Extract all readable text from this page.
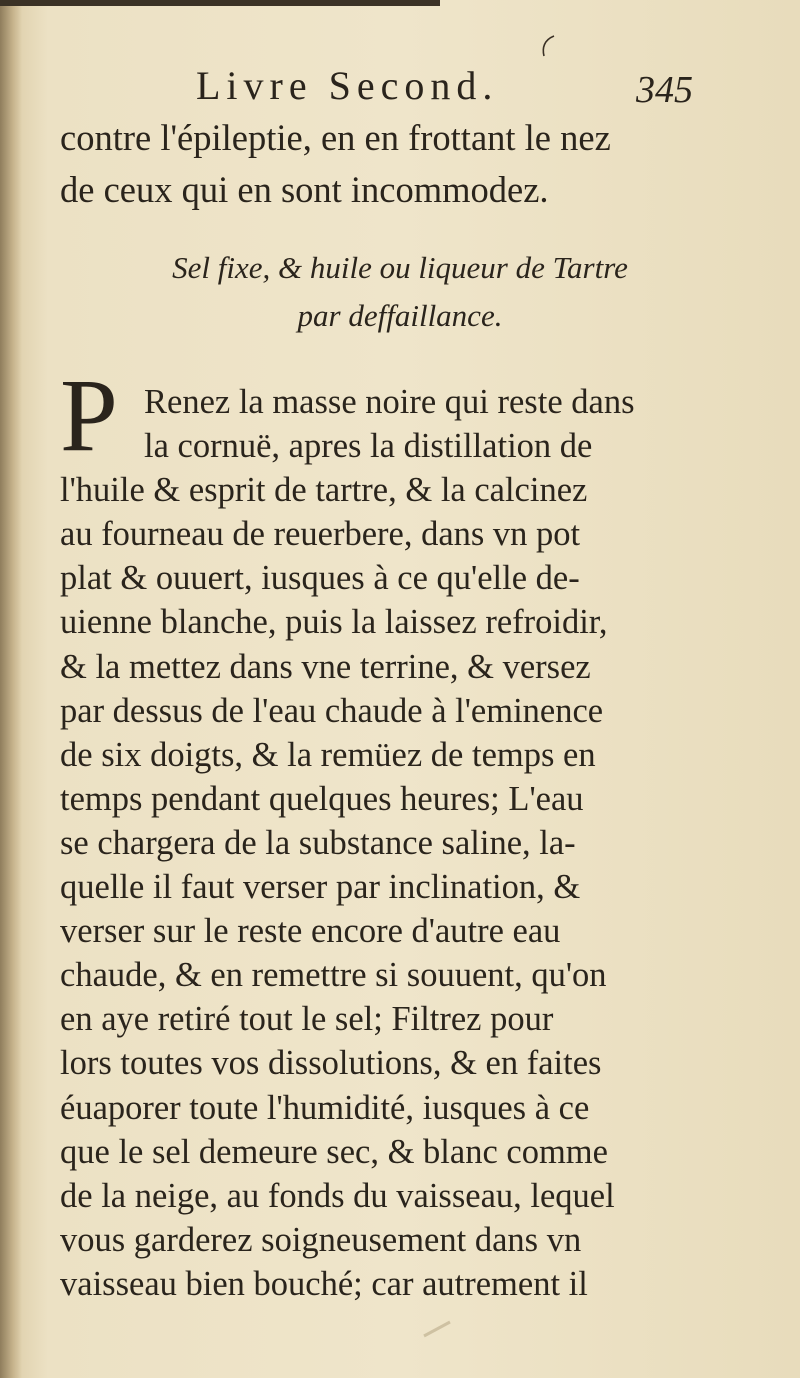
Livre Second.	345
contre l'épileptie, en en frottant le nez
de ceux qui en sont incommodez.
Sel fixe, & huile ou liqueur de Tartre
par deffaillance.
P Renez la masse noire qui reste dans
la cornuë, apres la distillation de
l'huile & esprit de tartre, & la calcinez
au fourneau de reuerbere, dans vn pot
plat & ouuert, iusques à ce qu'elle de-
uienne blanche, puis la laissez refroidir,
& la mettez dans vne terrine, & versez
par dessus de l'eau chaude à l'eminence
de six doigts, & la remüez de temps en
temps pendant quelques heures; L'eau
se chargera de la substance saline, la-
quelle il faut verser par inclination, &
verser sur le reste encore d'autre eau
chaude, & en remettre si souuent, qu'on
en aye retiré tout le sel; Filtrez pour
lors toutes vos dissolutions, & en faites
éuaporer toute l'humidité, iusques à ce
que le sel demeure sec, & blanc comme
de la neige, au fonds du vaisseau, lequel
vous garderez soigneusement dans vn
vaisseau bien bouché; car autrement il
